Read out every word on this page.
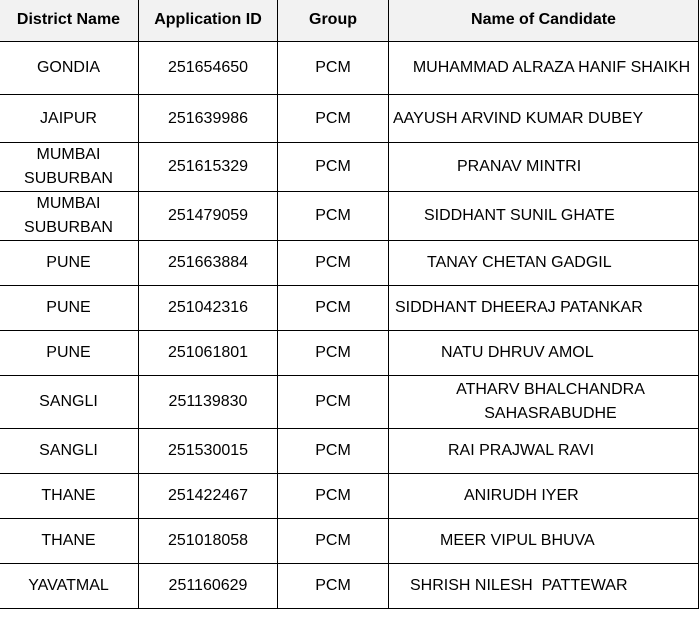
District Name	Application ID	Group	Name of Candidate
GONDIA	251654650	PCM	MUHAMMAD ALRAZA HANIF SHAIKH
JAIPUR	251639986	PCM	AAYUSH ARVIND KUMAR DUBEY
MUMBAI SUBURBAN	251615329	PCM	PRANAV MINTRI
MUMBAI SUBURBAN	251479059	PCM	SIDDHANT SUNIL GHATE
PUNE	251663884	PCM	TANAY CHETAN GADGIL
PUNE	251042316	PCM	SIDDHANT DHEERAJ PATANKAR
PUNE	251061801	PCM	NATU DHRUV AMOL
SANGLI	251139830	PCM	ATHARV BHALCHANDRA SAHASRABUDHE
SANGLI	251530015	PCM	RAI PRAJWAL RAVI
THANE	251422467	PCM	ANIRUDH IYER
THANE	251018058	PCM	MEER VIPUL BHUVA
YAVATMAL	251160629	PCM	SHRISH NILESH  PATTEWAR
